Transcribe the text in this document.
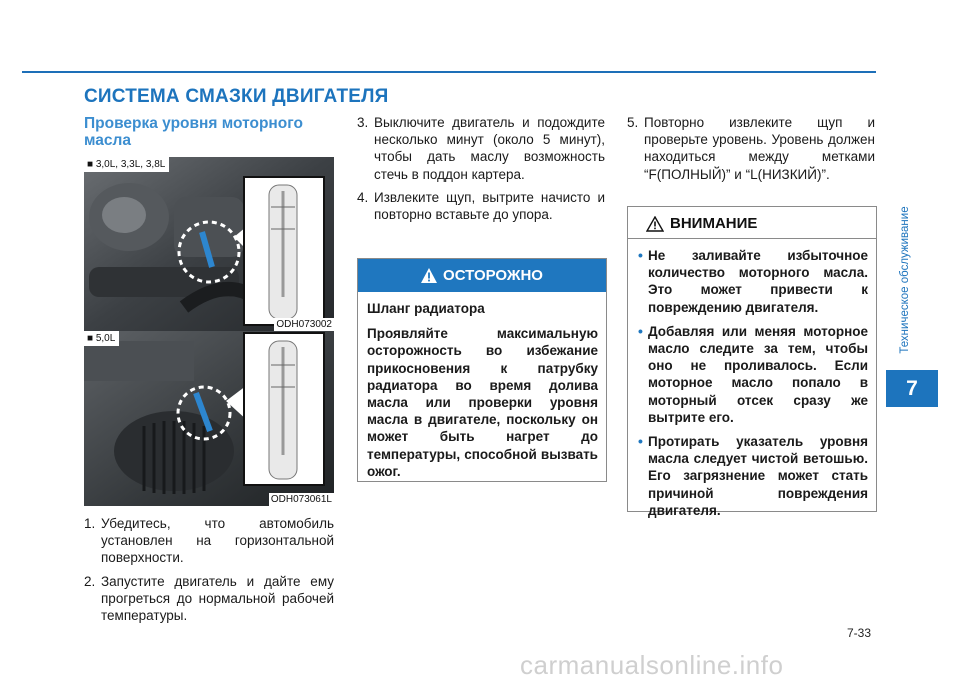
СИСТЕМА СМАЗКИ ДВИГАТЕЛЯ
Проверка уровня моторного масла
■ 3,0L, 3,3L, 3,8L
ODH073002
■ 5,0L
ODH073061L
1. Убедитесь, что автомобиль установлен на горизонтальной поверхности.
2. Запустите двигатель и дайте ему прогреться до нормальной рабочей температуры.
3. Выключите двигатель и подождите несколько минут (около 5 минут), чтобы дать маслу возможность стечь в поддон картера.
4. Извлеките щуп, вытрите начисто и повторно вставьте до упора.
ОСТОРОЖНО

Шланг радиатора

Проявляйте максимальную осторожность во избежание прикосновения к патрубку радиатора во время долива масла или проверки уровня масла в двигателе, поскольку он может быть нагрет до температуры, способной вызвать ожог.

5. Повторно извлеките щуп и проверьте уровень. Уровень должен находиться между метками “F(ПОЛНЫЙ)” и “L(НИЗКИЙ)”.
ВНИМАНИЕ
• Не заливайте избыточное количество моторного масла. Это может привести к повреждению двигателя.
• Добавляя или меняя моторное масло следите за тем, чтобы оно не проливалось. Если моторное масло попало в моторный отсек сразу же вытрите его.
• Протирать указатель уровня масла следует чистой ветошью. Его загрязнение может стать причиной повреждения двигателя.
Техническое обслуживание
7
7-33
carmanualsonline.info
